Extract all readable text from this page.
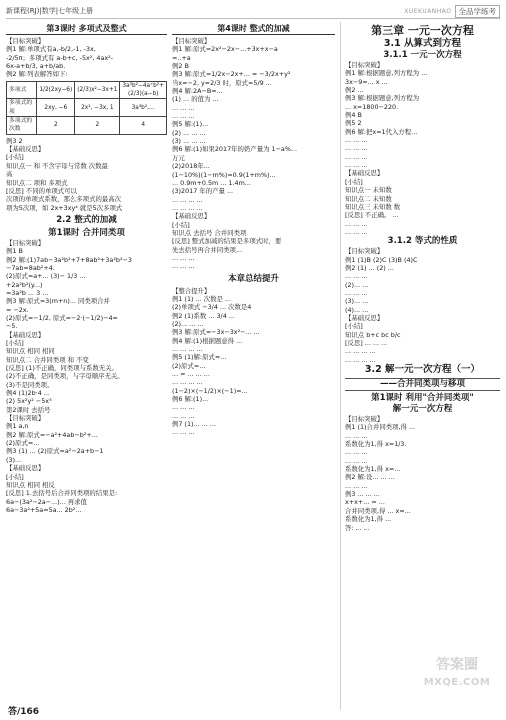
新课程(RJ)|数学|七年级上册	XUEKUANHAO 全品学练考
第3课时 多项式及整式
【目标突破】
例1 解:单项式有a,-b/2,-1, -3x,
-2/5π；多项式有 a-b+c, -5x², 4ax²-
6x-a+b/3, a+b/ab.
例2 解:列表解答如下:
多项式	1/2(2xy−6)	(2/3)x²−3x+1	3a³b²−4a⁺b²+(2/3)(a−b)
多项式的项	2xy, −6	2x², −3x, 1	3a³b²,…
多项式的次数	2	2	4
例3 2
【基础反思】
[小结]
知识点一 和 不含字母与常数 次数最
高
知识点二 项和 多项式
[反思] 不同的单项式可以
次项的单项式系数，那么多项式的最高次
项为5次项，如 2x+3xy⁴ 就是5次多项式
2.2 整式的加减
第1课时 合并同类项
【目标突破】
例1 B
例2 解:(1)7ab−3a²b²+7+8ab²+3a²b²−3
−7ab=8ab²+4.
(2)原式=a+... (3)− 1/3 ...
+2a²b²(y...)
=3a²b ... 3 ...
例3 解:原式=3(m+n)... 同类项合并
= −2x.
(2)原式=−1/2, 原式=−2·(−1/2)−4=
−5.
【基础反思】
[小结]
知识点 相同 相同
知识点二 合并同类项 和 不变
[反思] (1)不正确，同类项与系数无关。
(2)不正确，是同类项，与字母顺序无关。
(3)不是同类项。
例4 (1)2b·4 ...
(2) 5x²y² −5x³
第2课时 去括号
【目标突破】
例1 a,n
例2 解:原式=−a²+4ab−b²+...
(2)原式=...
例3 (1) ... (2)原式=a²−2a+b−1
(3)...
【基础反思】
[小结]
知识点 相同 相反
[反思] 1.去括号后合并同类项的结果是:
6a−(3a²−2a−...)... 再求值
6a−3a²+5a=5a... 2b²...
第4课时 整式的加减
【目标突破】
例1 解:原式=2x²−2x−...+3x+x−a
=..+a
例2 B
例3 解:原式=1/2x−2x+... = −3/2x+y²
当x=−2, y=2/3 时，原式=5/9 ...
例4 解:2A−B=...
(1) ... 的值为 ...
... ... ...
... ... ...
例5 解:(1)...
(2) ... ... ...
(3) ... ... ...
例6 解:(1)如果2017年的奶产量为 1−a%...
万元
(2)2018年...
(1−10%)(1−m%)=0.9(1+m%)...
... 0.9m+0.5m ... 1.4m...
(3)2017 年的产量 ...
... ... ... ...
... ... ... ...
【基础反思】
[小结]
知识点 去括号 合并同类项
[反思] 整式加减的结果是多项式时，要
先去括号再合并同类项...
... ... ...
... ... ...
本章总结提升
【整合提升】
例1 (1) ... 次数是 ...
(2)单项式 −3/4 ... 次数是4
例2 (1)系数 ... 3/4 ...
(2)... ... ...
例3 解:原式=−3x−3x²−... ...
例4 解:(1)根据题意得 ...
... ... ... ...
例5 (1)解:原式=...
(2)原式=...
... = ... ... ...
... ... ... ...
(1−2)×(−1/2)×(−1)=...
例6 解:(1)...
... ... ...
... ... ...
例7 (1)... ... ...
... ... ...
第三章 一元一次方程
3.1 从算式到方程
3.1.1 一元一次方程
【目标突破】
例1 解:根据题意,列方程为 ...
3x−9=... x ...
例2 ...
例3 解:根据题意,列方程为
... x=1800−220.
例4 B
例5 2
例6 解:把x=1代入方程...
... ... ...
... ... ...
... ... ...
... ... ...
【基础反思】
[小结]
知识点一 未知数
知识点二 未知数
知识点三 未知数 数
[反思] 不正确。 ...
... ... ...
... ... ...
3.1.2 等式的性质
【目标突破】
例1 (1)B (2)C (3)B (4)C
例2 (1) ... (2) ...
... ... ...
(2)... ...
... ... ...
(3)... ...
(4)... ...
【基础反思】
[小结]
知识点 b+c bc b/c
[反思] ... ... ...
... ... ... ...
... ... ... ...
3.2 解一元一次方程（一）
——合并同类项与移项
第1课时 利用"合并同类项"
解一元一次方程
【目标突破】
例1 (1)合并同类项,得 ...
... ... ...
系数化为1,得 x=1/3.
... ... ...
... ... ...
系数化为1,得 x=...
例2 解:设... ... ...
... ... ...
例3 ... ... ...
x+x+... = ...
合并同类项,得 ... x=...
系数化为1,得 ...
答: ... ...
答案圈
MXQE.COM
答/166
